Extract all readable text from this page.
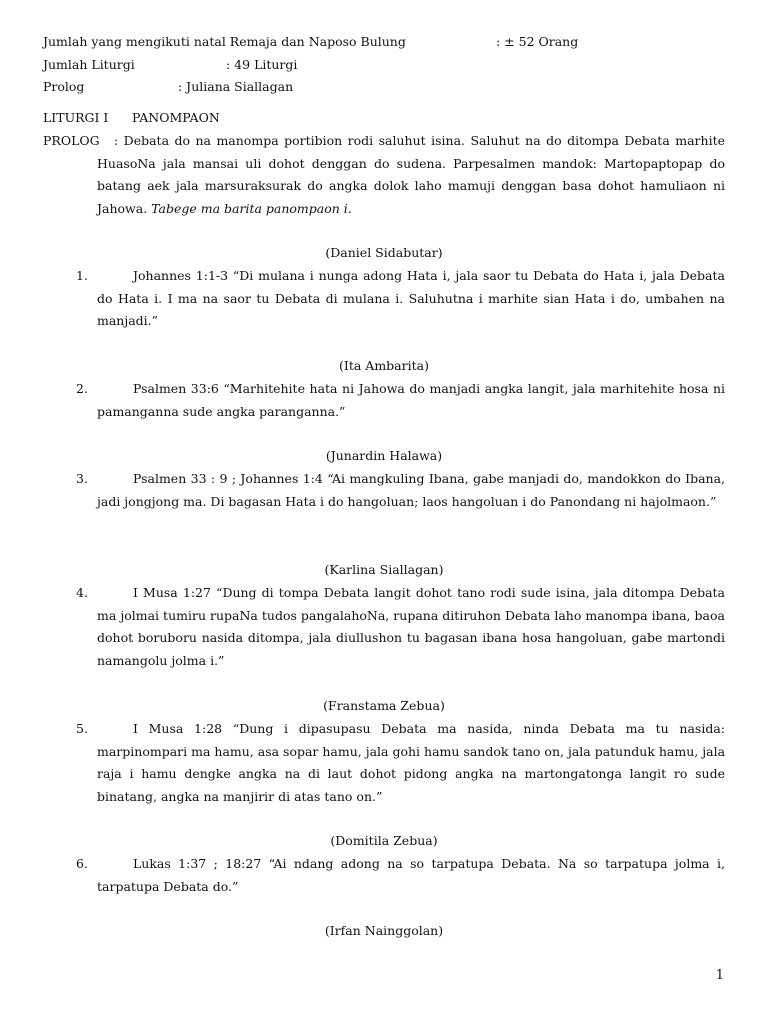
Jumlah yang mengikuti natal Remaja dan Naposo Bulung	: ± 52 Orang
Jumlah Liturgi	: 49 Liturgi
Prolog	: Juliana Siallagan
LITURGI I PANOMPAON
PROLOG	: Debata do na manompa portibion rodi saluhut isina. Saluhut na do ditompa Debata marhite HuasoNa jala mansai uli dohot denggan do sudena. Parpesalmen mandok: Martopaptopap do batang aek jala marsuraksurak do angka dolok laho mamuji denggan basa dohot hamuliaon ni Jahowa. Tabege ma barita panompaon i.
(Daniel Sidabutar)
1.	Johannes 1:1-3 “Di mulana i nunga adong Hata i, jala saor tu Debata do Hata i, jala Debata do Hata i. I ma na saor tu Debata di mulana i. Saluhutna i marhite sian Hata i do, umbahen na manjadi.”
(Ita Ambarita)
2.	Psalmen 33:6 “Marhitehite hata ni Jahowa do manjadi angka langit, jala marhitehite hosa ni pamanganna sude angka paranganna.”
(Junardin Halawa)
3.	Psalmen 33 : 9 ; Johannes 1:4 “Ai mangkuling Ibana, gabe manjadi do, mandokkon do Ibana, jadi jongjong ma. Di bagasan Hata i do hangoluan; laos hangoluan i do Panondang ni hajolmaon.”
(Karlina Siallagan)
4.	I Musa 1:27 “Dung di tompa Debata langit dohot tano rodi sude isina, jala ditompa Debata ma jolmai tumiru rupaNa tudos pangalahoNa, rupana ditiruhon Debata laho manompa ibana, baoa dohot boruboru nasida ditompa, jala diullushon tu bagasan ibana hosa hangoluan, gabe martondi namangolu jolma i.”
(Franstama Zebua)
5.	I Musa 1:28 “Dung i dipasupasu Debata ma nasida, ninda Debata ma tu nasida: marpinompari ma hamu, asa sopar hamu, jala gohi hamu sandok tano on, jala patunduk hamu, jala raja i hamu dengke angka na di laut dohot pidong angka na martongatonga langit ro sude binatang, angka na manjirir di atas tano on.”
(Domitila Zebua)
6.	Lukas 1:37 ; 18:27 “Ai ndang adong na so tarpatupa Debata. Na so tarpatupa jolma i, tarpatupa Debata do.”
(Irfan Nainggolan)
1
